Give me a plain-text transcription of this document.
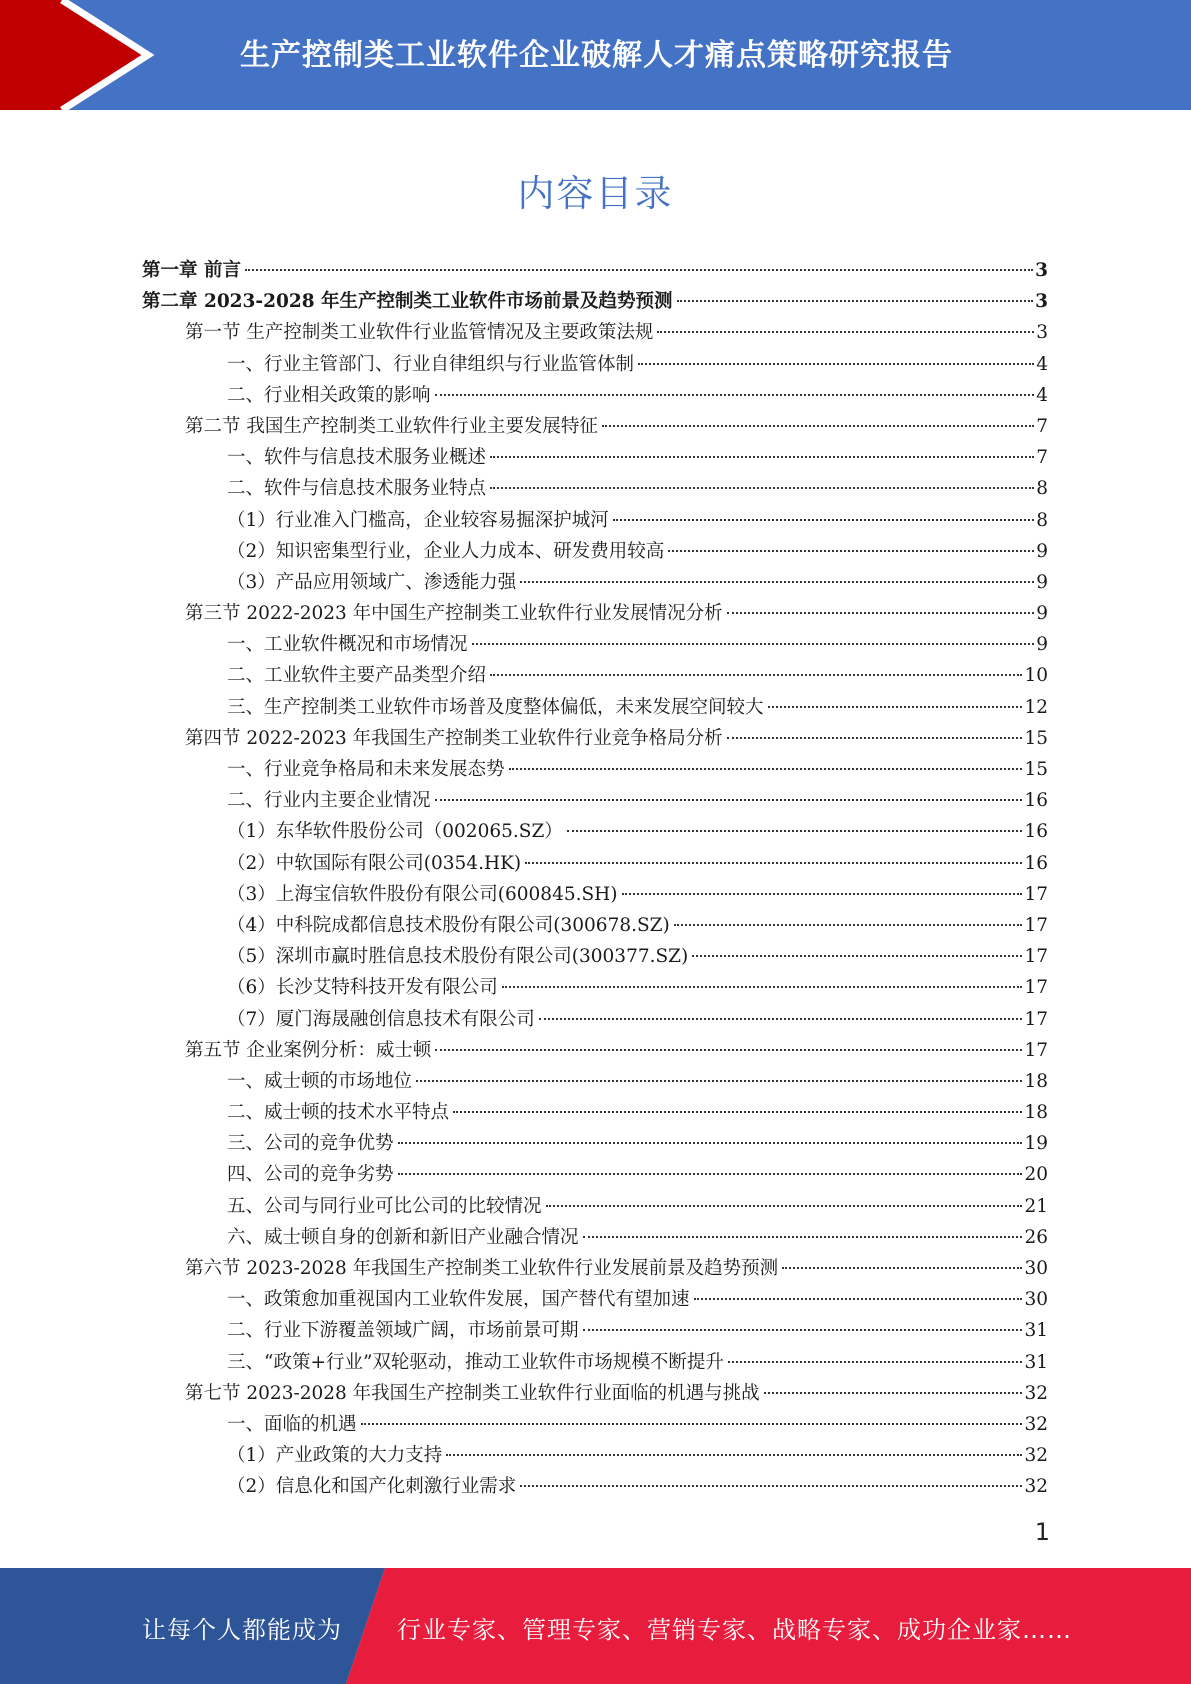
生产控制类工业软件企业破解人才痛点策略研究报告
内容目录
第一章 前言	3
第二章 2023-2028 年生产控制类工业软件市场前景及趋势预测	3
第一节 生产控制类工业软件行业监管情况及主要政策法规	3
一、行业主管部门、行业自律组织与行业监管体制	4
二、行业相关政策的影响	4
第二节 我国生产控制类工业软件行业主要发展特征	7
一、软件与信息技术服务业概述	7
二、软件与信息技术服务业特点	8
（1）行业准入门槛高，企业较容易掘深护城河	8
（2）知识密集型行业，企业人力成本、研发费用较高	9
（3）产品应用领域广、渗透能力强	9
第三节 2022-2023 年中国生产控制类工业软件行业发展情况分析	9
一、工业软件概况和市场情况	9
二、工业软件主要产品类型介绍	10
三、生产控制类工业软件市场普及度整体偏低，未来发展空间较大	12
第四节 2022-2023 年我国生产控制类工业软件行业竞争格局分析	15
一、行业竞争格局和未来发展态势	15
二、行业内主要企业情况	16
（1）东华软件股份公司（002065.SZ）	16
（2）中软国际有限公司(0354.HK)	16
（3）上海宝信软件股份有限公司(600845.SH)	17
（4）中科院成都信息技术股份有限公司(300678.SZ)	17
（5）深圳市赢时胜信息技术股份有限公司(300377.SZ)	17
（6）长沙艾特科技开发有限公司	17
（7）厦门海晟融创信息技术有限公司	17
第五节 企业案例分析：威士顿	17
一、威士顿的市场地位	18
二、威士顿的技术水平特点	18
三、公司的竞争优势	19
四、公司的竞争劣势	20
五、公司与同行业可比公司的比较情况	21
六、威士顿自身的创新和新旧产业融合情况	26
第六节 2023-2028 年我国生产控制类工业软件行业发展前景及趋势预测	30
一、政策愈加重视国内工业软件发展，国产替代有望加速	30
二、行业下游覆盖领域广阔，市场前景可期	31
三、“政策+行业”双轮驱动，推动工业软件市场规模不断提升	31
第七节 2023-2028 年我国生产控制类工业软件行业面临的机遇与挑战	32
一、面临的机遇	32
（1）产业政策的大力支持	32
（2）信息化和国产化刺激行业需求	32
1
让每个人都能成为 行业专家、管理专家、营销专家、战略专家、成功企业家……
